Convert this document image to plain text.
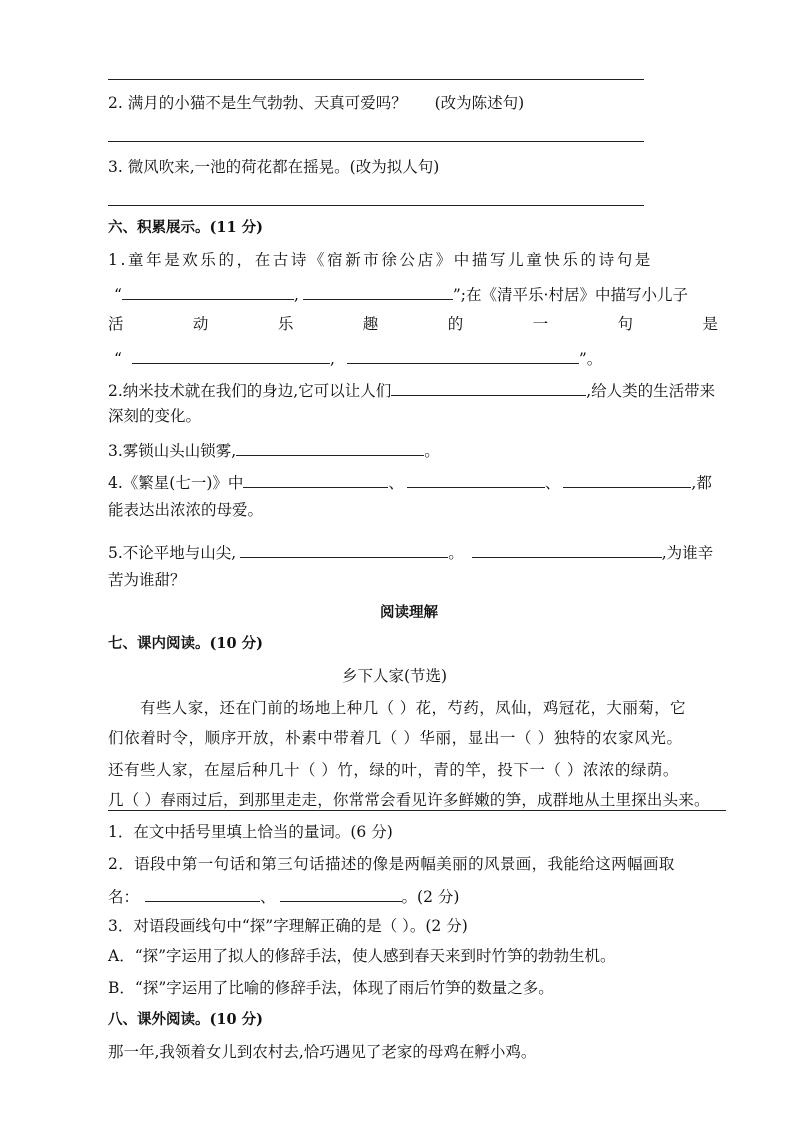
2. 满月的小猫不是生气勃勃、天真可爱吗？ (改为陈述句)
3. 微风吹来,一池的荷花都在摇晃。(改为拟人句)
六、积累展示。(11 分)
1.童年是欢乐的，在古诗《宿新市徐公店》中描写儿童快乐的诗句是
“	,	”;在《清平乐·村居》中描写小儿子
活	动	乐	趣	的	一	句	是
“	,	”。
2.纳米技术就在我们的身边,它可以让人们	,给人类的生活带来
深刻的变化。
3.雾锁山头山锁雾,	。
4.《繁星(七一)》中	、	、	,都
能表达出浓浓的母爱。
5.不论平地与山尖,	。	,为谁辛
苦为谁甜？
阅读理解
七、课内阅读。(10 分)
乡下人家(节选)
有些人家，还在门前的场地上种几（ ）花，芍药，凤仙，鸡冠花，大丽菊，它
们依着时令，顺序开放，朴素中带着几（ ）华丽，显出一（ ）独特的农家风光。
还有些人家，在屋后种几十（ ）竹，绿的叶，青的竿，投下一（ ）浓浓的绿荫。
几（ ）春雨过后，到那里走走，你常常会看见许多鲜嫩的笋，成群地从土里探出头来。
1．在文中括号里填上恰当的量词。(6 分)
2．语段中第一句话和第三句话描述的像是两幅美丽的风景画，我能给这两幅画取
名：	、	。(2 分)
3．对语段画线句中“探”字理解正确的是（ ）。(2 分)
A．“探”字运用了拟人的修辞手法，使人感到春天来到时竹笋的勃勃生机。
B．“探”字运用了比喻的修辞手法，体现了雨后竹笋的数量之多。
八、课外阅读。(10 分)
那一年,我领着女儿到农村去,恰巧遇见了老家的母鸡在孵小鸡。
